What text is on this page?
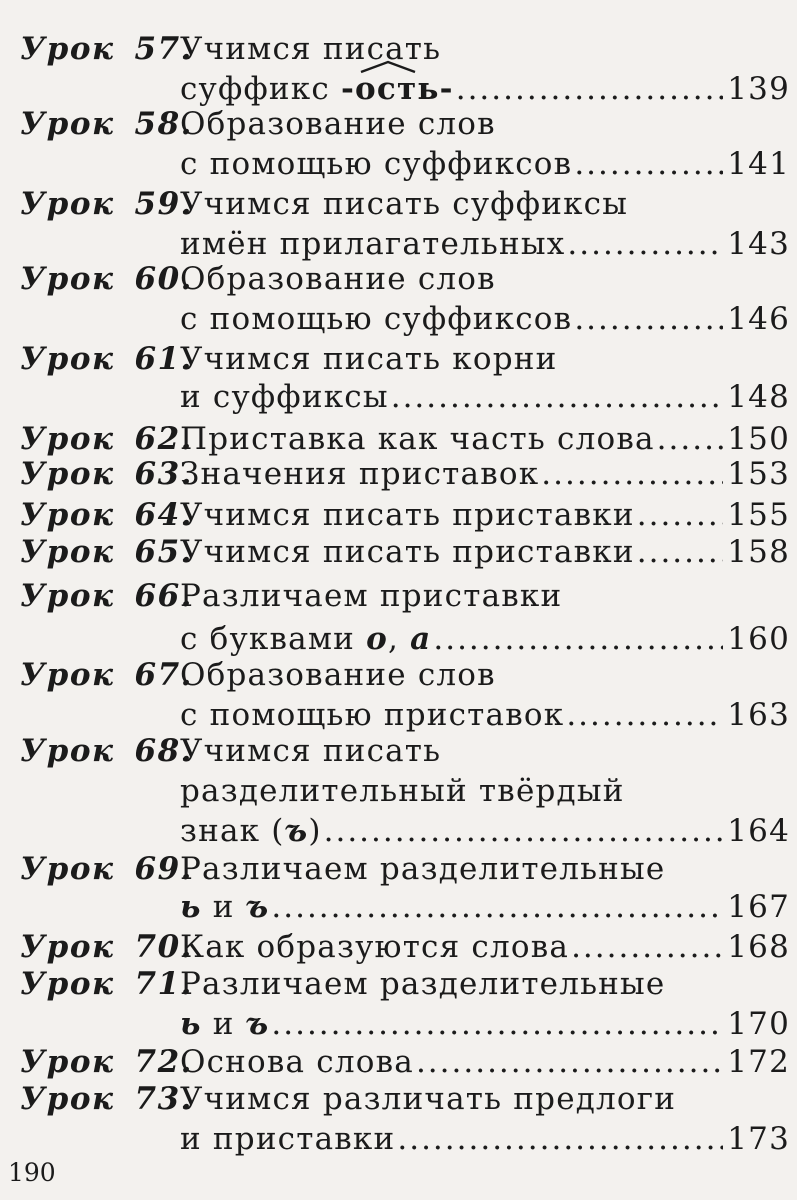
Урок 57.
Учимся писать
суффикс -ость- .....	139
Урок 58.
Образование слов
с помощью суффиксов .....	141
Урок 59.
Учимся писать суффиксы
имён прилагательных .....	143
Урок 60.
Образование слов
с помощью суффиксов .....	146
Урок 61.
Учимся писать корни
и суффиксы .....	148
Урок 62.
Приставка как часть слова ..... 150
Урок 63.
Значения приставок .....	153
Урок 64.
Учимся писать приставки .....	155
Урок 65.
Учимся писать приставки .....	158
Урок 66.
Различаем приставки
с буквами о, а .....	160
Урок 67.
Образование слов
с помощью приставок .....	163
Урок 68.
Учимся писать
разделительный твёрдый
знак (ъ) .....	164
Урок 69.
Различаем разделительные
ь и ъ .....	167
Урок 70.
Как образуются слова .....	168
Урок 71.
Различаем разделительные
ь и ъ .....	170
Урок 72.
Основа слова .....	172
Урок 73.
Учимся различать предлоги
и приставки .....	173
190
